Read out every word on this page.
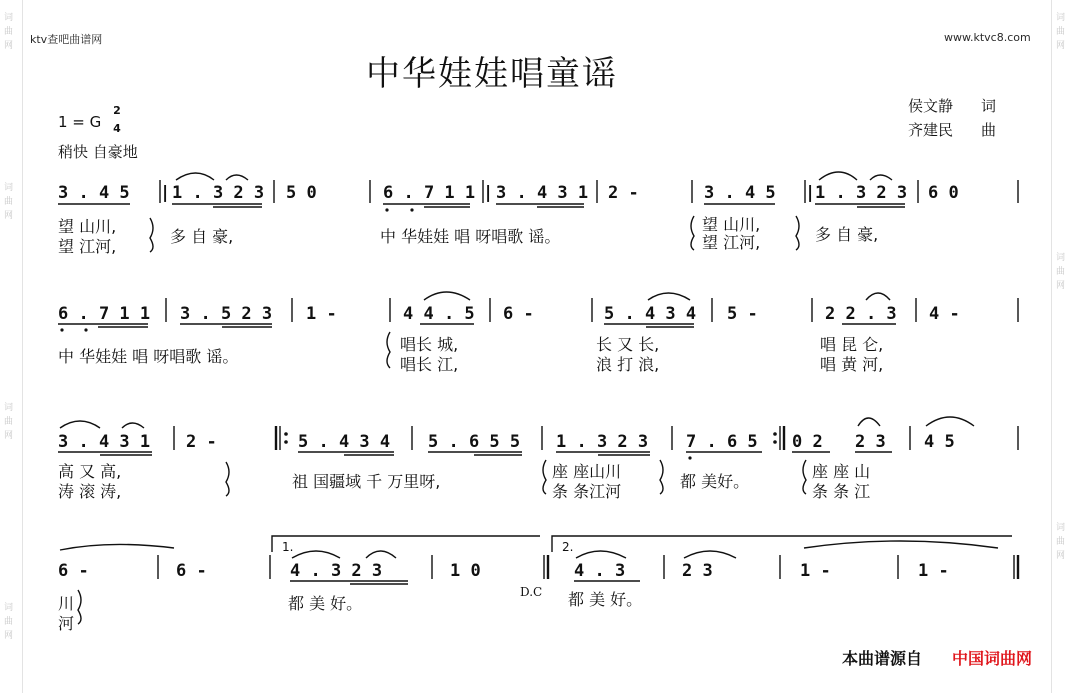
词
曲
网
词
曲
网
词
曲
网
词
曲
网
词
曲
网
词
曲
网
词
曲
网
ktv查吧曲谱网	www.ktvc8.com
中华娃娃唱童谣
1 = G
2
4
稍快 自豪地
侯文静 词
齐建民 曲
3 . 4 5 | 1 . 3 2 3 5 0	6 . 7 1 1 | 3 . 4 3 1 2 -	3 . 4 5 | 1 . 3 2 3 6 0
望 山川,
多 自 豪,	中 华娃娃 唱 呀唱歌 谣。
望 山川,
多 自 豪,
望 江河,	望 江河,
6 . 7 1 1 3 . 5 2 3 1 -	4 4 . 5 6 -	5 . 4 3 4 5 -	2 2 . 3 4 -
中 华娃娃 唱 呀唱歌 谣。
唱长 城,	长 又 长,	唱 昆 仑,
唱长 江,	浪 打 浪,	唱 黄 河,
3 . 4 3 1 2 -	5 . 4 3 4 5 . 6 5 5 1 . 3 2 3 7 . 6 5 0 2 2 3 4 5
高 又 高,
祖 国疆域 千 万里呀,
座 座山川
都 美好。
座 座 山
涛 滚 涛,	条 条江河	条 条 江
1.	2.
6 -	6 -	4 . 3 2 3	1 0	4 . 3	2 3	1 -	1 -
川	都 美 好。
D.C 都 美 好。
河
本曲谱源自 中国词曲网
